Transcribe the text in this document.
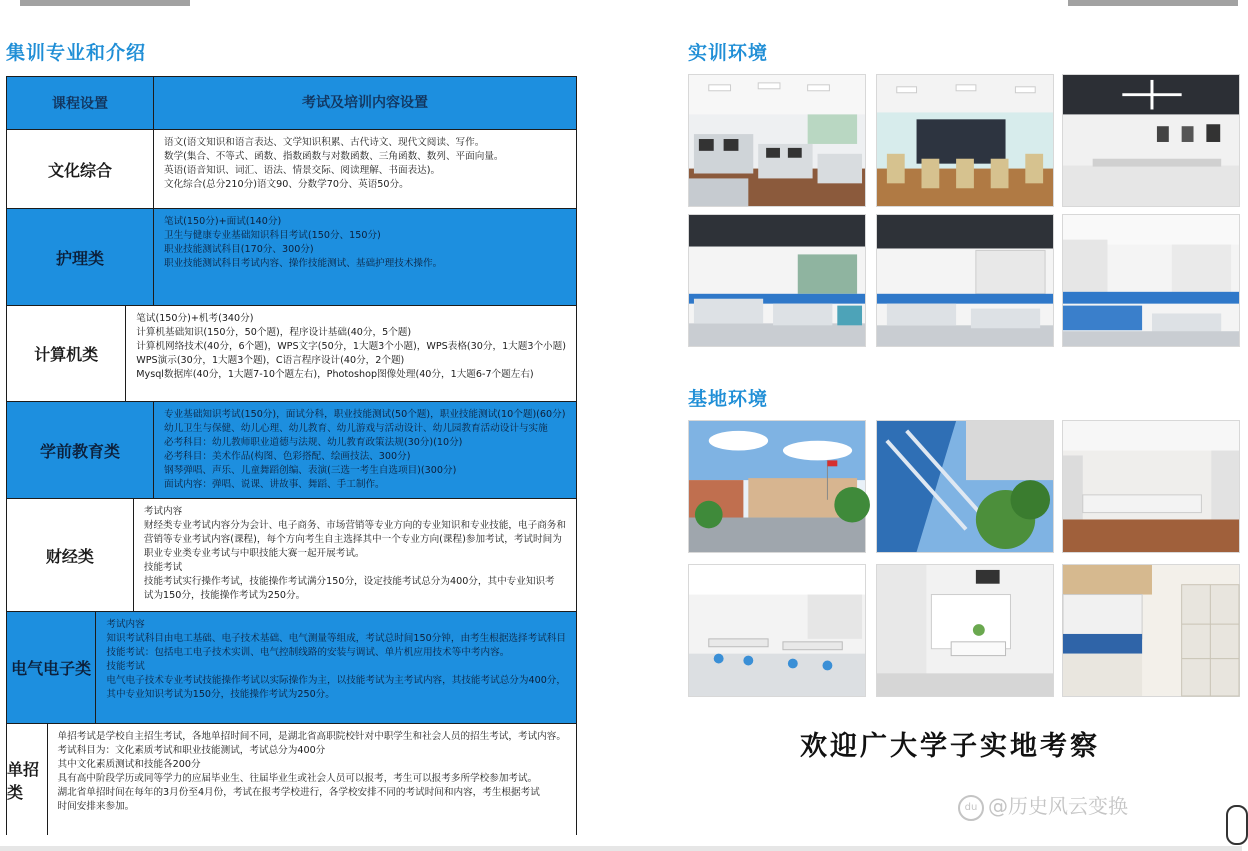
集训专业和介绍
课程设置	考试及培训内容设置
文化综合

语文(语文知识和语言表达、文学知识积累、古代诗文、现代文阅读、写作。

数学(集合、不等式、函数、指数函数与对数函数、三角函数、数列、平面向量。

英语(语音知识、词汇、语法、情景交际、阅读理解、书面表达)。

文化综合(总分210分)语文90、分数学70分、英语50分。

护理类

笔试(150分)+面试(140分)

卫生与健康专业基础知识科目考试(150分、150分)

职业技能测试科目(170分、300分)

职业技能测试科目考试内容、操作技能测试、基础护理技术操作。

计算机类

笔试(150分)+机考(340分)

计算机基础知识(150分，50个题)，程序设计基础(40分，5个题)

计算机网络技术(40分，6个题)，WPS文字(50分，1大题3个小题)，WPS表格(30分，1大题3个小题)

WPS演示(30分，1大题3个题)，C语言程序设计(40分，2个题)

Mysql数据库(40分，1大题7-10个题左右)，Photoshop图像处理(40分，1大题6-7个题左右)

学前教育类

专业基础知识考试(150分)，面试分科，职业技能测试(50个题)，职业技能测试(10个题)(60分)

幼儿卫生与保健、幼儿心理、幼儿教育、幼儿游戏与活动设计、幼儿园教育活动设计与实施

必考科目：幼儿教师职业道德与法规、幼儿教育政策法规(30分)(10分)

必考科目：美术作品(构图、色彩搭配、绘画技法、300分)

钢琴弹唱、声乐、儿童舞蹈创编、表演(三选一考生自选项目)(300分)

面试内容：弹唱、说课、讲故事、舞蹈、手工制作。

财经类

考试内容

财经类专业考试内容分为会计、电子商务、市场营销等专业方向的专业知识和专业技能，电子商务和

营销等专业考试内容(课程)，每个方向考生自主选择其中一个专业方向(课程)参加考试，考试时间为

职业专业类专业考试与中职技能大赛一起开展考试。

技能考试

技能考试实行操作考试，技能操作考试满分150分，设定技能考试总分为400分，其中专业知识考

试为150分，技能操作考试为250分。

电气电子类

考试内容

知识考试科目由电工基础、电子技术基础、电气测量等组成，考试总时间150分钟，由考生根据选择考试科目

技能考试：包括电工电子技术实训、电气控制线路的安装与调试、单片机应用技术等中考内容。

技能考试

电气电子技术专业考试技能操作考试以实际操作为主，以技能考试为主考试内容，其技能考试总分为400分，

其中专业知识考试为150分，技能操作考试为250分。

单招类

单招考试是学校自主招生考试，各地单招时间不同，是湖北省高职院校针对中职学生和社会人员的招生考试，考试内容。

考试科目为：文化素质考试和职业技能测试，考试总分为400分

其中文化素质测试和技能各200分

具有高中阶段学历或同等学力的应届毕业生、往届毕业生或社会人员可以报考，考生可以报考多所学校参加考试。

湖北省单招时间在每年的3月份至4月份，考试在报考学校进行，各学校安排不同的考试时间和内容，考生根据考试

时间安排来参加。

实训环境
基地环境
欢迎广大学子实地考察
du @历史风云变换
